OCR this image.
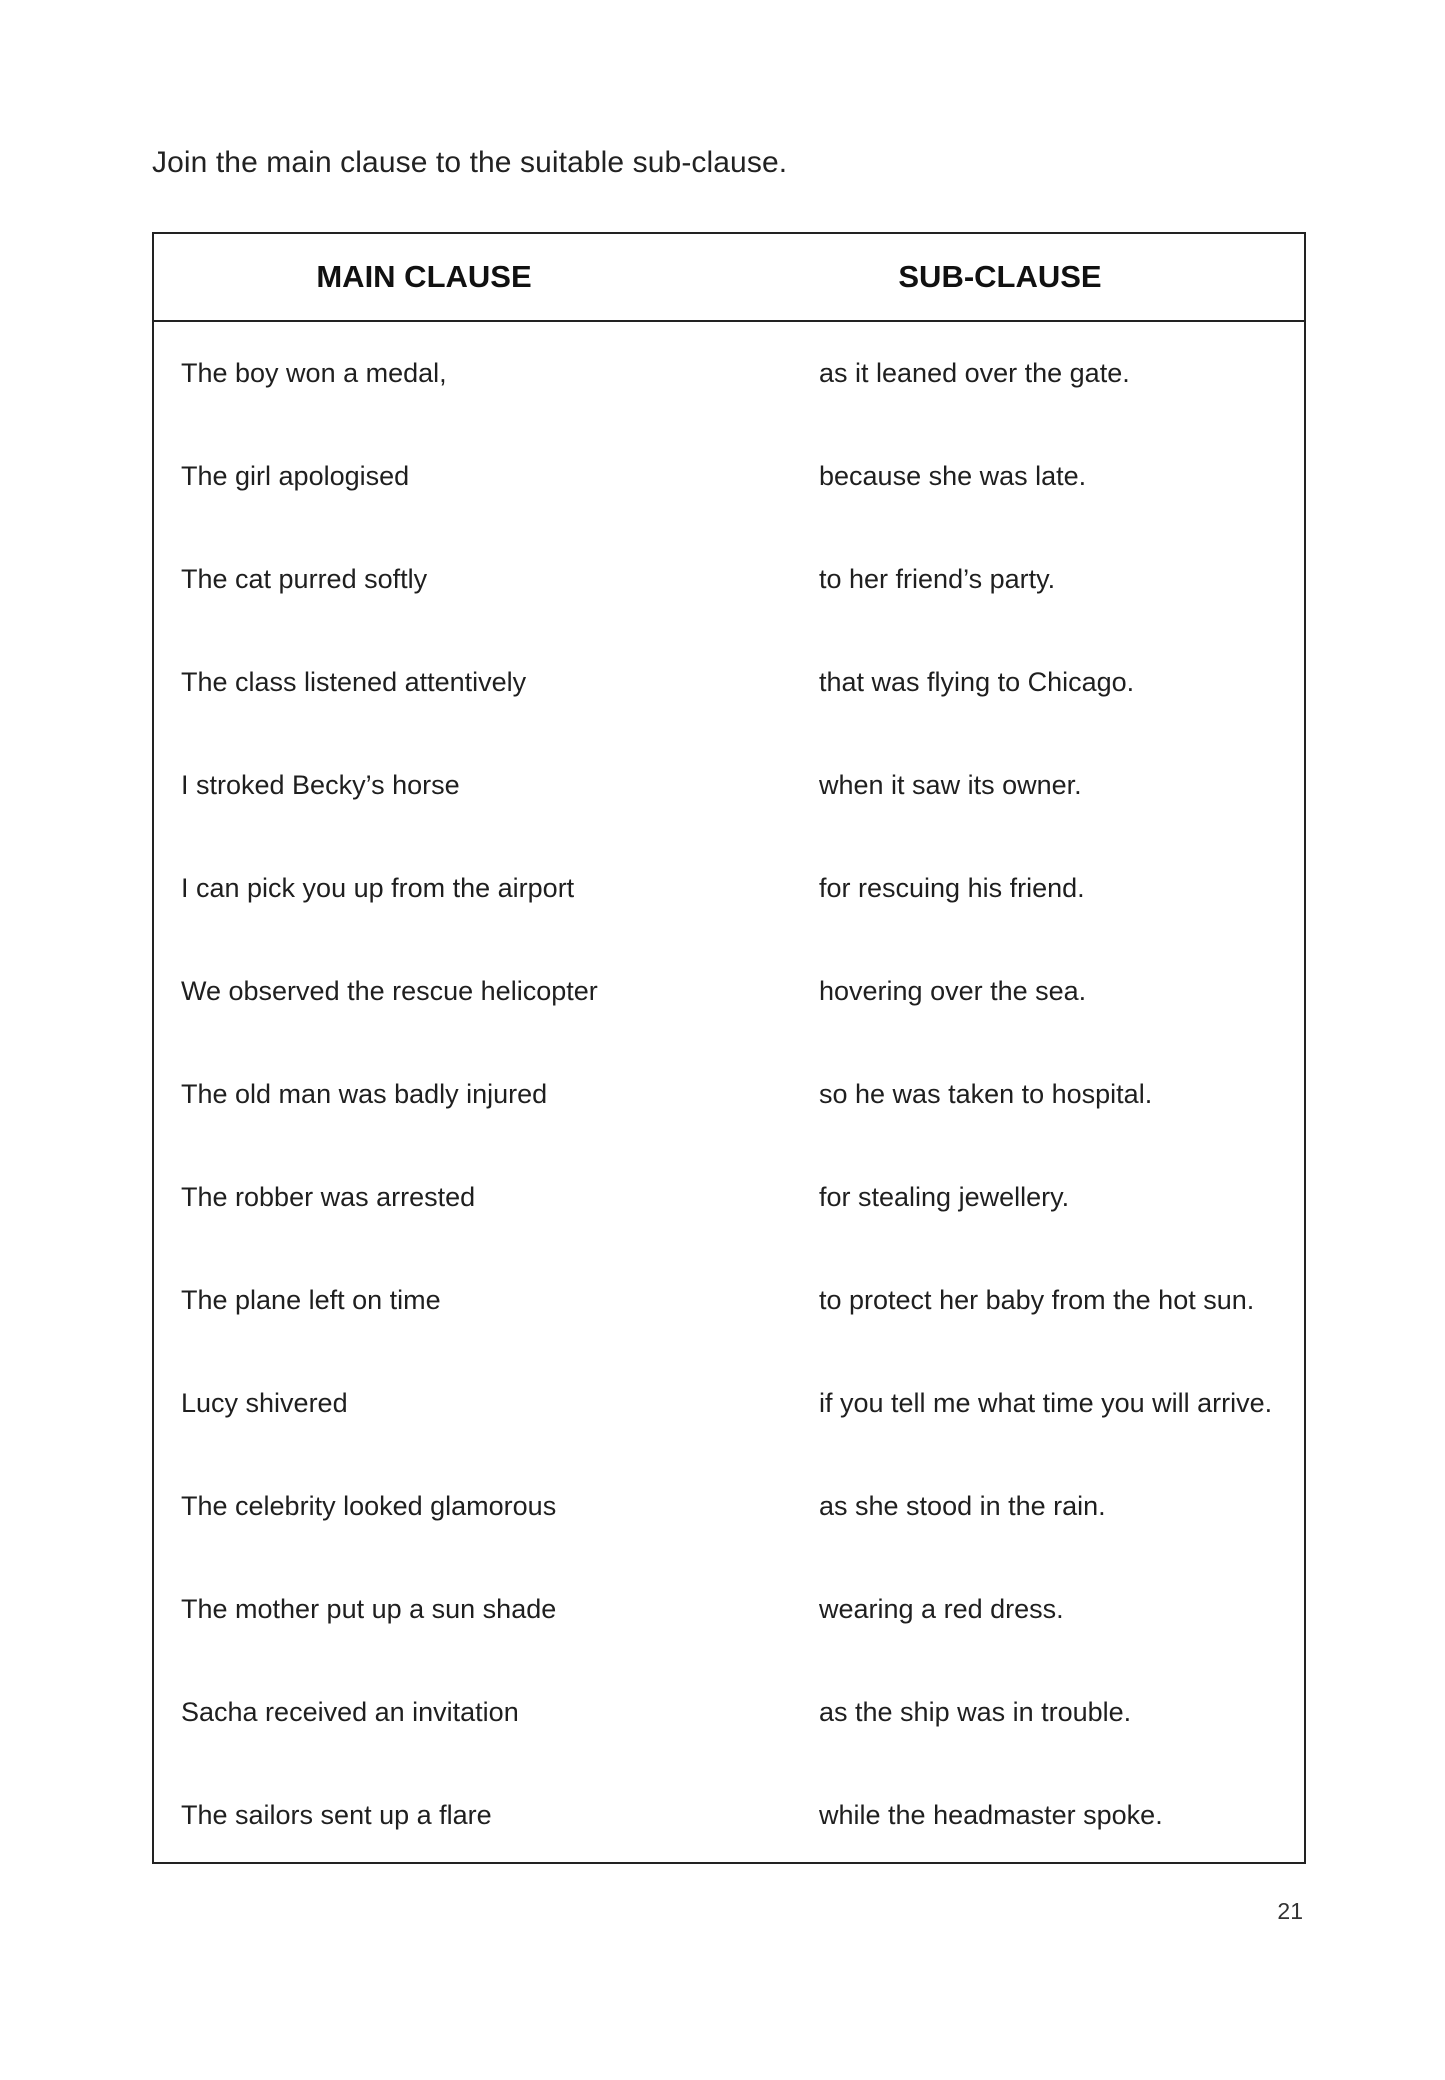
Join the main clause to the suitable sub-clause.
MAIN CLAUSE	SUB-CLAUSE
The boy won a medal,	as it leaned over the gate.
The girl apologised	because she was late.
The cat purred softly	to her friend’s party.
The class listened attentively	that was flying to Chicago.
I stroked Becky’s horse	when it saw its owner.
I can pick you up from the airport	for rescuing his friend.
We observed the rescue helicopter	hovering over the sea.
The old man was badly injured	so he was taken to hospital.
The robber was arrested	for stealing jewellery.
The plane left on time	to protect her baby from the hot sun.
Lucy shivered	if you tell me what time you will arrive.
The celebrity looked glamorous	as she stood in the rain.
The mother put up a sun shade	wearing a red dress.
Sacha received an invitation	as the ship was in trouble.
The sailors sent up a flare	while the headmaster spoke.
21
